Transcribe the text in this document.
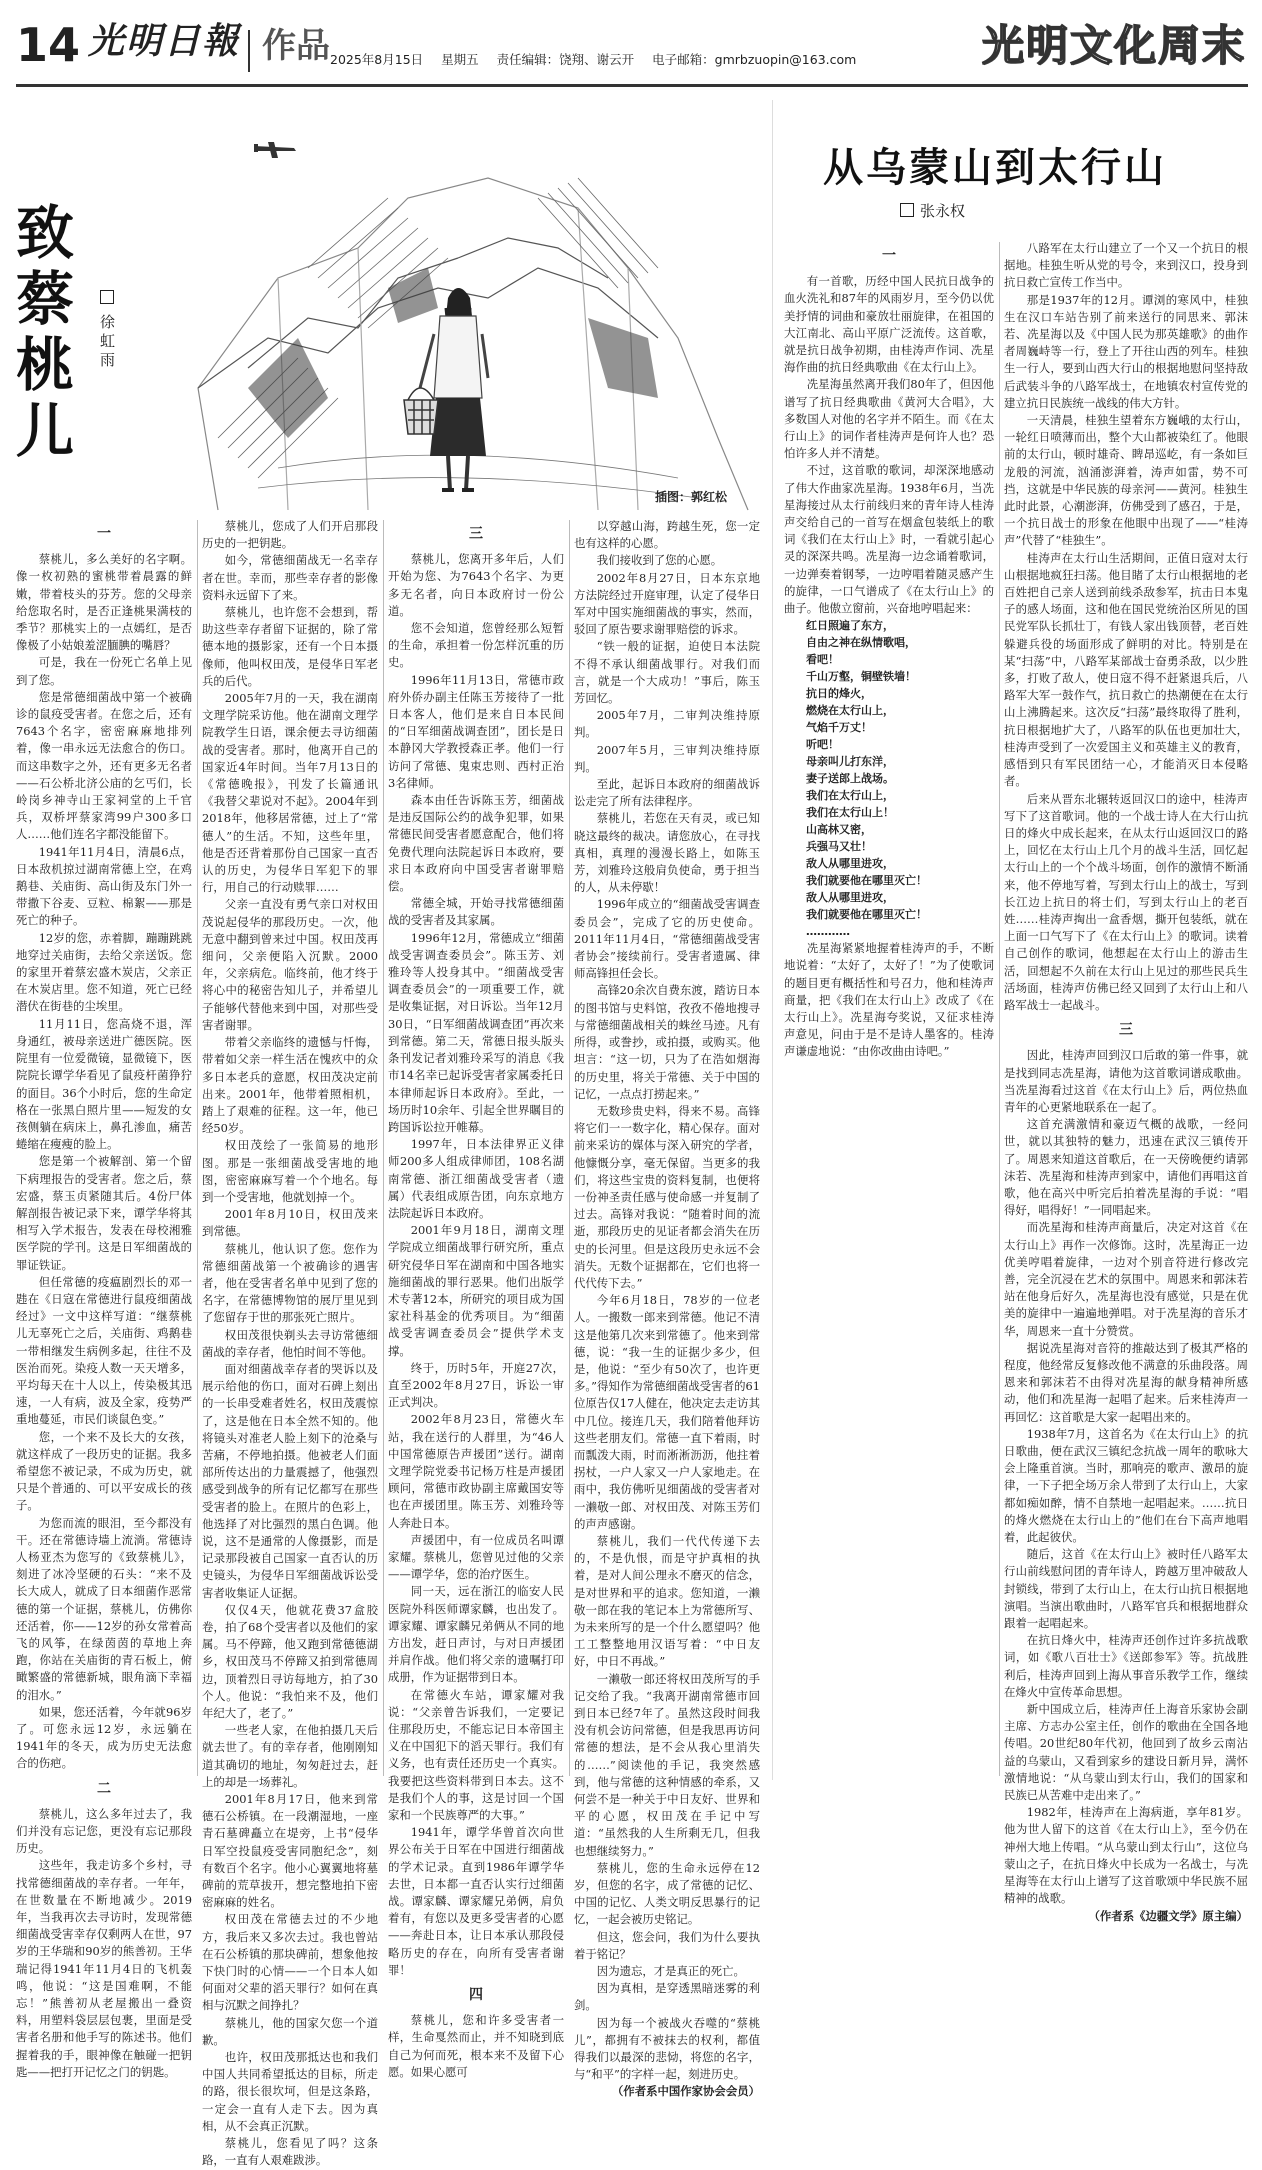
14 光明日報 作品 2025年8月15日 星期五 责任编辑：饶翔、谢云开 电子邮箱：gmrbzuopin@163.com	光明文化周末
插图：郭红松
致蔡桃儿
徐虹雨
从乌蒙山到太行山
张永权

一

蔡桃儿，多么美好的名字啊。像一枚初熟的蜜桃带着晨露的鲜嫩，带着枝头的芬芳。您的父母亲给您取名时，是否正逢桃果满枝的季节？那桃实上的一点嫣红，是否像极了小姑娘羞涩腼腆的嘴唇？

可是，我在一份死亡名单上见到了您。

您是常德细菌战中第一个被确诊的鼠疫受害者。在您之后，还有7643个名字，密密麻麻地排列着，像一串永远无法愈合的伤口。而这串数字之外，还有更多无名者——石公桥北济公庙的乞丐们，长岭岗乡神寺山王家祠堂的上千官兵，双桥坪蔡家湾99户300多口人……他们连名字都没能留下。

1941年11月4日，清晨6点，日本敌机掠过湖南常德上空，在鸡鹅巷、关庙街、高山街及东门外一带撒下谷麦、豆粒、棉絮——那是死亡的种子。

12岁的您，赤着脚，蹦蹦跳跳地穿过关庙街，去给父亲送饭。您的家里开着蔡宏盛木炭店，父亲正在木炭店里。您不知道，死亡已经潜伏在街巷的尘埃里。

11月11日，您高烧不退，浑身通红，被母亲送进广德医院。医院里有一位爱微镜，显微镜下，医院院长谭学华看见了鼠疫杆菌狰狞的面目。36个小时后，您的生命定格在一张黑白照片里——短发的女孩侧躺在病床上，鼻孔渗血，痛苦蜷缩在瘦瘦的脸上。

您是第一个被解剖、第一个留下病理报告的受害者。您之后，蔡宏盛，蔡玉贞紧随其后。4份尸体解剖报告被记录下来，谭学华将其相写入学术报告，发表在母校湘雅医学院的学刊。这是日军细菌战的罪证铁证。

但任常德的疫瘟剧烈长的邓一韪在《日寇在常德进行鼠疫细菌战经过》一文中这样写道：“继蔡桃儿无辜死亡之后，关庙街、鸡鹅巷一带相继发生病例多起，往往不及医治而死。染疫人数一天天增多，平均每天在十人以上，传染极其迅速，一人有病，波及全家，疫势严重地蔓延，市民们谈鼠色变。”

您，一个来不及长大的女孩，就这样成了一段历史的证据。我多希望您不被记录，不成为历史，就只是个普通的、可以平安成长的孩子。

为您而流的眼泪，至今都没有干。还在常德诗墙上流淌。常德诗人杨亚杰为您写的《致蔡桃儿》，刻进了冰冷坚硬的石头：“来不及长大成人，就成了日本细菌作恶常德的第一个证据，蔡桃儿，仿佛你还活着，你——12岁的孙女常着高飞的风筝，在绿茵茵的草地上奔跑，你站在关庙街的青石板上，俯瞰繁盛的常德新城，眼角滴下幸福的泪水。”

如果，您还活着，今年就96岁了。可您永远12岁，永远躺在1941年的冬天，成为历史无法愈合的伤疤。

二

蔡桃儿，这么多年过去了，我们并没有忘记您，更没有忘记那段历史。

这些年，我走访多个乡村，寻找常德细菌战的幸存者。一年年，在世数量在不断地减少。2019年，当我再次去寻访时，发现常德细菌战受害幸存仅剩两人在世，97岁的王华瑞和90岁的熊善初。王华瑞记得1941年11月4日的飞机轰鸣，他说：“这是国难啊，不能忘！”熊善初从老屋搬出一叠资料，用塑料袋层层包裹，里面是受害者名册和他手写的陈述书。他们握着我的手，眼神像在触碰一把钥匙——把打开记忆之门的钥匙。

蔡桃儿，您成了人们开启那段历史的一把钥匙。

如今，常德细菌战无一名幸存者在世。幸而，那些幸存者的影像资料永远留下了来。

蔡桃儿，也许您不会想到，帮助这些幸存者留下证据的，除了常德本地的摄影家，还有一个日本摄像师，他叫权田茂，是侵华日军老兵的后代。

2005年7月的一天，我在湖南文理学院采访他。他在湖南文理学院教学生日语，课余便去寻访细菌战的受害者。那时，他离开自己的国家近4年时间。当年7月13日的《常德晚报》，刊发了长篇通讯《我替父辈说对不起》。2004年到2018年，他移居常德，过上了“常德人”的生活。不知，这些年里，他是否还背着那份自己国家一直否认的历史，为侵华日军犯下的罪行，用自己的行动赎罪……

父亲一直没有勇气亲口对权田茂说起侵华的那段历史。一次，他无意中翻到曾来过中国。权田茂再细问，父亲便陷入沉默。2000年，父亲病危。临终前，他才终于将心中的秘密告知儿子，并希望儿子能够代替他来到中国，对那些受害者谢罪。

带着父亲临终的遗憾与忏悔，带着如父亲一样生活在愧疚中的众多日本老兵的意愿，权田茂决定前出来。2001年，他带着照相机，踏上了艰难的征程。这一年，他已经50岁。

权田茂绘了一张简易的地形图。那是一张细菌战受害地的地图，密密麻麻写着一个个地名。每到一个受害地，他就划掉一个。

2001年8月10日，权田茂来到常德。

蔡桃儿，他认识了您。您作为常德细菌战第一个被确诊的遇害者，他在受害者名单中见到了您的名字，在常德博物馆的展厅里见到了您留存于世的那张死亡照片。

权田茂很快剃头去寻访常德细菌战的幸存者，他怕时间不等他。

面对细菌战幸存者的哭诉以及展示给他的伤口，面对石碑上刻出的一长串受难者姓名，权田茂震惊了，这是他在日本全然不知的。他将镜头对准老人脸上刻下的沧桑与苦痛，不停地拍摄。他被老人们面部所传达出的力量震撼了，他强烈感受到战争的所有记忆都写在那些受害者的脸上。在照片的色彩上，他选择了对比强烈的黑白色调。他说，这不是通常的人像摄影，而是记录那段被自己国家一直否认的历史镜头，为侵华日军细菌战诉讼受害者收集证人证据。

仅仅4天，他就花费37盒胶卷，拍了68个受害者以及他们的家属。马不停蹄，他又跑到常德德湖乡，权田茂马不停蹄又拍到常德周边，顶着烈日寻访每地方，拍了30个人。他说：“我怕来不及，他们年纪大了，老了。”

一些老人家，在他拍摄几天后就去世了。有的幸存者，他刚刚知道其确切的地址，匆匆赶过去，赶上的却是一场葬礼。

2001年8月17日，他来到常德石公桥镇。在一段潮湿地，一座青石墓碑矗立在堤旁，上书“侵华日军空投鼠疫受害同胞纪念”，刻有数百个名字。他小心翼翼地将墓碑前的荒草拔开，想完整地拍下密密麻麻的姓名。

权田茂在常德去过的不少地方，我后来又多次去过。我也曾站在石公桥镇的那块碑前，想象他按下快门时的心情——一个日本人如何面对父辈的滔天罪行？如何在真相与沉默之间挣扎？

蔡桃儿，他的国家欠您一个道歉。

也许，权田茂那抵达也和我们中国人共同希望抵达的目标，所走的路，很长很坎坷，但是这条路，一定会一直有人走下去。因为真相，从不会真正沉默。

蔡桃儿，您看见了吗？这条路，一直有人艰难跋涉。

三

蔡桃儿，您离开多年后，人们开始为您、为7643个名字、为更多无名者，向日本政府讨一份公道。

您不会知道，您曾经那么短暂的生命，承担着一份怎样沉重的历史。

1996年11月13日，常德市政府外侨办副主任陈玉芳接待了一批日本客人，他们是来自日本民间的“日军细菌战调查团”，团长是日本静冈大学教授森正孝。他们一行访问了常德、鬼束忠则、西村正治3名律师。

森本由任告诉陈玉芳，细菌战是违反国际公约的战争犯罪，如果常德民间受害者愿意配合，他们将免费代理向法院起诉日本政府，要求日本政府向中国受害者谢罪赔偿。

常德全城，开始寻找常德细菌战的受害者及其家属。

1996年12月，常德成立“细菌战受害调查委员会”。陈玉芳、刘雅玲等人投身其中。“细菌战受害调查委员会”的一项重要工作，就是收集证据，对日诉讼。当年12月30日，“日军细菌战调查团”再次来到常德。第二天，常德日报头版头条刊发记者刘雅玲采写的消息《我市14名幸已起诉受害者家属委托日本律师起诉日本政府》。至此，一场历时10余年、引起全世界瞩目的跨国诉讼拉开帷幕。

1997年，日本法律界正义律师200多人组成律师团，108名湖南常德、浙江细菌战受害者（遗属）代表组成原告团，向东京地方法院起诉日本政府。

2001年9月18日，湖南文理学院成立细菌战罪行研究所，重点研究侵华日军在湖南和中国各地实施细菌战的罪行恶果。他们出版学术专著12本，所研究的项目成为国家社科基金的优秀项目。为“细菌战受害调查委员会”提供学术支撑。

终于，历时5年，开庭27次，直至2002年8月27日，诉讼一审正式判决。

2002年8月23日，常德火车站，我在送行的人群里，为“46人中国常德原告声援团”送行。湖南文理学院党委书记杨万柱是声援团顾问，常德市政协副主席戴国安等也在声援团里。陈玉芳、刘雅玲等人奔赴日本。

声援团中，有一位成员名叫谭家耀。蔡桃儿，您曾见过他的父亲——谭学华，您的治疗医生。

同一天，远在浙江的临安人民医院外科医师谭家麟，也出发了。谭家耀、谭家麟兄弟俩从不同的地方出发，赶日声讨，与对日声援团并肩作战。他们将父亲的遗嘱打印成册，作为证据带到日本。

在常德火车站，谭家耀对我说：“父亲曾告诉我们，一定要记住那段历史，不能忘记日本帝国主义在中国犯下的滔天罪行。我们有义务，也有责任还历史一个真实。我要把这些资料带到日本去。这不是我们个人的事，这是讨回一个国家和一个民族尊严的大事。”

1941年，谭学华曾首次向世界公布关于日军在中国进行细菌战的学术记录。直到1986年谭学华去世，日本都一直否认实行过细菌战。谭家麟、谭家耀兄弟俩，肩负着有，有您以及更多受害者的心愿——奔赴日本，让日本承认那段侵略历史的存在，向所有受害者谢罪！

四

蔡桃儿，您和许多受害者一样，生命戛然而止，并不知晓到底自己为何而死，根本来不及留下心愿。如果心愿可

以穿越山海，跨越生死，您一定也有这样的心愿。

我们接收到了您的心愿。

2002年8月27日，日本东京地方法院经过开庭审理，认定了侵华日军对中国实施细菌战的事实，然而，驳回了原告要求谢罪赔偿的诉求。

“铁一般的证据，迫使日本法院不得不承认细菌战罪行。对我们而言，就是一个大成功！”事后，陈玉芳回忆。

2005年7月，二审判决维持原判。

2007年5月，三审判决维持原判。

至此，起诉日本政府的细菌战诉讼走完了所有法律程序。

蔡桃儿，若您在天有灵，或已知晓这最终的裁决。请您放心，在寻找真相，真理的漫漫长路上，如陈玉芳，刘雅玲这般肩负使命，勇于担当的人，从未停歇！

1996年成立的“细菌战受害调查委员会”，完成了它的历史使命。2011年11月4日，“常德细菌战受害者协会”接续前行。受害者遗属、律师高锋担任会长。

高锋20余次自费东渡，踏访日本的图书馆与史料馆，孜孜不倦地搜寻与常德细菌战相关的蛛丝马迹。凡有所得，或誊抄，或拍摄，或购买。他坦言：“这一切，只为了在浩如烟海的历史里，将关于常德、关于中国的记忆，一点点打捞起来。”

无数珍贵史料，得来不易。高锋将它们一一数字化，精心保存。面对前来采访的媒体与深入研究的学者，他慷慨分享，毫无保留。当更多的我们，将这些宝贵的资料复制，也便将一份神圣责任感与使命感一并复制了过去。高锋对我说：“随着时间的流逝，那段历史的见证者都会消失在历史的长河里。但是这段历史永远不会消失。无数个证据都在，它们也将一代代传下去。”

今年6月18日，78岁的一位老人。一搬数一郎来到常德。他记不清这是他第几次来到常德了。他来到常德，说：“我一生的证据少多少，但是，他说：“至少有50次了，也许更多。”得知作为常德细菌战受害者的61位原告仅17人健在，他决定去走访其中几位。接连几天，我们陪着他拜访这些老朋友们。常德一直下着雨，时而瓢泼大雨，时而淅淅沥沥，他拄着拐杖，一户人家又一户人家地走。在雨中，我仿佛听见细菌战的受害者对一濑敬一郎、对权田茂、对陈玉芳们的声声感谢。

蔡桃儿，我们一代代传递下去的，不是仇恨，而是守护真相的执着，是对人间公理永不磨灭的信念，是对世界和平的追求。您知道，一濑敬一郎在我的笔记本上为常德所写、为未来所写的是一个什么愿望吗？他工工整整地用汉语写着：“中日友好，中日不再战。”

一濑敬一郎还将权田茂所写的手记交给了我。“我离开湖南常德市回到日本已经7年了。虽然这段时间我没有机会访问常德，但是我思再访问常德的想法，是不会从我心里消失的……”阅读他的手记，我突然感到，他与常德的这种情感的牵系，又何尝不是一种关于中日友好、世界和平的心愿，权田茂在手记中写道：“虽然我的人生所剩无几，但我也想继续努力。”

蔡桃儿，您的生命永远停在12岁，但您的名字，成了常德的记忆、中国的记忆、人类文明反思暴行的记忆，一起会被历史铭记。

但这，您会问，我们为什么要执着于铭记？

因为遗忘，才是真正的死亡。

因为真相，是穿透黑暗迷雾的利剑。

因为每一个被战火吞噬的“蔡桃儿”，都拥有不被抹去的权利，都值得我们以最深的悲恸，将您的名字，与“和平”的字样一起，刻进历史。

（作者系中国作家协会会员）

一

有一首歌，历经中国人民抗日战争的血火洗礼和87年的风雨岁月，至今仍以优美抒情的词曲和豪放壮丽旋律，在祖国的大江南北、高山平原广泛流传。这首歌，就是抗日战争初期，由桂涛声作词、冼星海作曲的抗日经典歌曲《在太行山上》。

冼星海虽然离开我们80年了，但因他谱写了抗日经典歌曲《黄河大合唱》，大多数国人对他的名字并不陌生。而《在太行山上》的词作者桂涛声是何许人也？恐怕许多人并不清楚。

不过，这首歌的歌词，却深深地感动了伟大作曲家冼星海。1938年6月，当冼星海接过从太行前线归来的青年诗人桂涛声交给自己的一首写在烟盒包装纸上的歌词《我们在太行山上》时，一看就引起心灵的深深共鸣。冼星海一边念诵着歌词，一边弹奏着钢琴，一边哼唱着随灵感产生的旋律，一口气谱成了《在太行山上》的曲子。他傲立窗前，兴奋地哼唱起来：

红日照遍了东方，

自由之神在纵情歌唱，

看吧！

千山万壑，铜壁铁墙！

抗日的烽火，

燃烧在太行山上，

气焰千万丈！

听吧！

母亲叫儿打东洋，

妻子送郎上战场。

我们在太行山上，

我们在太行山上！

山高林又密，

兵强马又壮！

敌人从哪里进攻，

我们就要他在哪里灭亡！

敌人从哪里进攻，

我们就要他在哪里灭亡！

…………

冼星海紧紧地握着桂涛声的手，不断地说着：“太好了，太好了！”为了使歌词的题目更有概括性和号召力，他和桂涛声商量，把《我们在太行山上》改成了《在太行山上》。冼星海夸奖说，又征求桂涛声意见，问由于是不是诗人墨客的。桂涛声谦虚地说：“由你改曲由诗吧。”

八路军在太行山建立了一个又一个抗日的根据地。桂独生听从党的号令，来到汉口，投身到抗日救亡宣传工作当中。

那是1937年的12月。谭浏的寒风中，桂独生在汉口车站告别了前来送行的同思来、郭沫若、冼星海以及《中国人民为那英雄歌》的曲作者周巍峙等一行，登上了开往山西的列车。桂独生一行人，要到山西大行山的根据地慰问坚持敌后武装斗争的八路军战士，在地镇农村宣传党的建立抗日民族统一战线的伟大方针。

一天清晨，桂独生望着东方巍峨的太行山，一轮红日喷薄而出，整个大山都被染红了。他眼前的太行山，顿时雄奇、睥昂巡屹，有一条如巨龙般的河流，汹涌澎湃着，涛声如雷，势不可挡，这就是中华民族的母亲河——黄河。桂独生此时此景，心潮澎湃，仿佛受到了感召，于是，一个抗日战士的形象在他眼中出现了——“桂涛声”代替了“桂独生”。

桂涛声在太行山生活期间，正值日寇对太行山根据地疯狂扫荡。他目睹了太行山根据地的老百姓把自己亲人送到前线杀敌参军，抗击日本鬼子的感人场面，这和他在国民党统治区所见的国民党军队长抓壮丁，有钱人家出钱顶替，老百姓躲避兵役的场面形成了鲜明的对比。特别是在某“扫荡”中，八路军某部战士奋勇杀敌，以少胜多，打败了敌人，使日寇不得不赶紧退兵后，八路军大军一鼓作气，抗日救亡的热潮便在在太行山上沸腾起来。这次反“扫荡”最终取得了胜利，抗日根据地扩大了，八路军的队伍也更加壮大，桂涛声受到了一次爱国主义和英雄主义的教育，感悟到只有军民团结一心，才能消灭日本侵略者。

后来从晋东北辗转返回汉口的途中，桂涛声写下了这首歌词。他的一个战士诗人在大行山抗日的烽火中成长起来，在从太行山返回汉口的路上，回忆在太行山上几个月的战斗生活，回忆起太行山上的一个个战斗场面，创作的激情不断涌来，他不停地写着，写到太行山上的战士，写到长江边上抗日的将士们，写到太行山上的老百姓……桂涛声掏出一盒香烟，撕开包装纸，就在上面一口气写下了《在太行山上》的歌词。读着自己创作的歌词，他想起在太行山上的游击生活，回想起不久前在太行山上见过的那些民兵生活场面，桂涛声仿佛已经又回到了太行山上和八路军战士一起战斗。

三

因此，桂涛声回到汉口后敢的第一件事，就是找到同志冼星海，请他为这首歌词谱成歌曲。当冼星海看过这首《在太行山上》后，两位热血青年的心更紧地联系在一起了。

这首充满激情和豪迈气概的战歌，一经问世，就以其独特的魅力，迅速在武汉三镇传开了。周恩来知道这首歌后，在一天傍晚便约请郭沫若、冼星海和桂涛声到家中，请他们再唱这首歌，他在高兴中听完后拍着冼星海的手说：“唱得好，唱得好！”一同唱起来。

而冼星海和桂涛声商量后，决定对这首《在太行山上》再作一次修饰。这时，冼星海正一边优美哼唱着旋律，一边对个别音符进行修改完善，完全沉浸在艺术的氛围中。周恩来和郭沫若站在他身后好久，冼星海也没有感觉，只是在优美的旋律中一遍遍地弹唱。对于冼星海的音乐才华，周恩来一直十分赞赏。

据说冼星海对音符的推敲达到了极其严格的程度，他经常反复修改他不满意的乐曲段落。周恩来和郭沫若不由得对冼星海的献身精神所感动，他们和冼星海一起唱了起来。后来桂涛声一再回忆：这首歌是大家一起唱出来的。

1938年7月，这首名为《在太行山上》的抗日歌曲，便在武汉三镇纪念抗战一周年的歌咏大会上隆重首演。当时，那响亮的歌声、激昂的旋律，一下子把全场万余人带到了太行山上，大家都如痴如醉，情不自禁地一起唱起来。……抗日的烽火燃烧在太行山上的”他们在台下高声地唱着，此起彼伏。

随后，这首《在太行山上》被时任八路军太行山前线慰问团的青年诗人，跨越万里冲破敌人封锁线，带到了太行山上，在太行山抗日根据地演唱。当演出歌曲时，八路军官兵和根据地群众跟着一起唱起来。

在抗日烽火中，桂涛声还创作过许多抗战歌词，如《歌八百壮士》《送郎参军》等。抗战胜利后，桂涛声回到上海从事音乐教学工作，继续在烽火中宣传革命思想。

新中国成立后，桂涛声任上海音乐家协会副主席、方志办公室主任，创作的歌曲在全国各地传唱。20世纪80年代初，他回到了故乡云南沾益的乌蒙山，又看到家乡的建设日新月异，满怀激情地说：“从乌蒙山到太行山，我们的国家和民族已从苦难中走出来了。”

1982年，桂涛声在上海病逝，享年81岁。他为世人留下的这首《在太行山上》，至今仍在神州大地上传唱。“从乌蒙山到太行山”，这位乌蒙山之子，在抗日烽火中长成为一名战士，与冼星海等在太行山上谱写了这首歌颂中华民族不屈精神的战歌。

（作者系《边疆文学》原主编）
